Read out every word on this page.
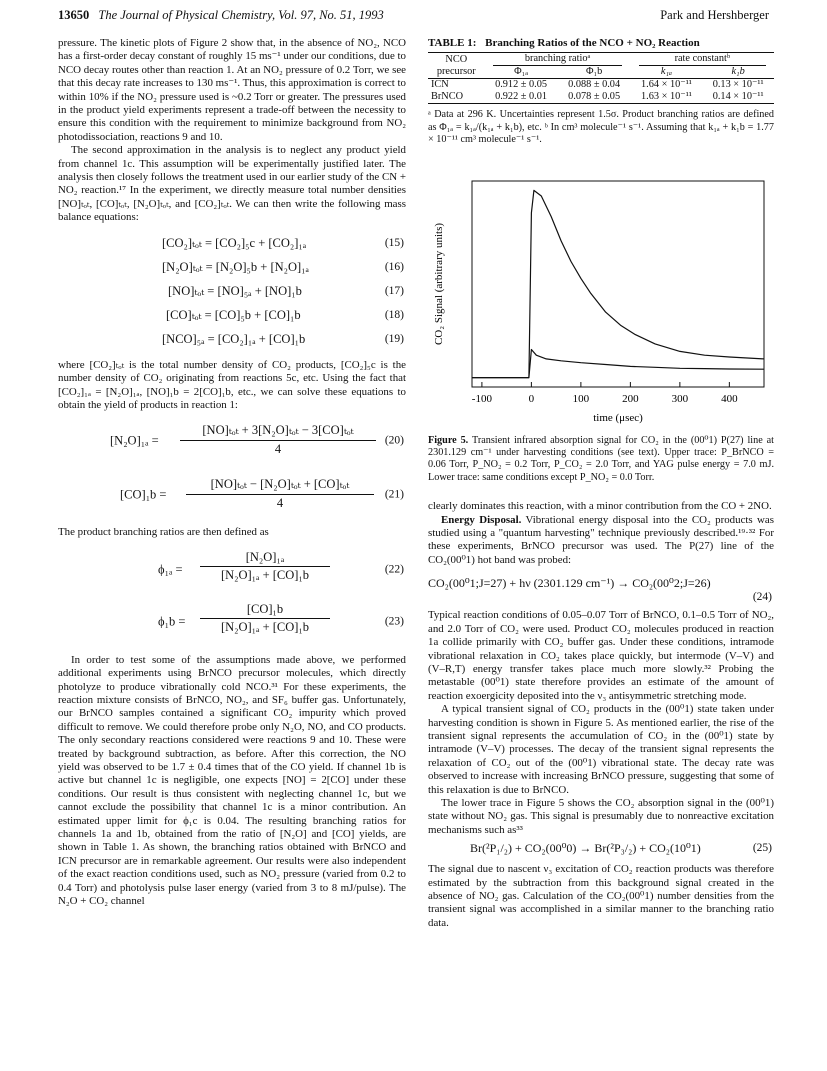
13650 The Journal of Physical Chemistry, Vol. 97, No. 51, 1993	Park and Hershberger

pressure. The kinetic plots of Figure 2 show that, in the absence of NO₂, NCO has a first-order decay constant of roughly 15 ms⁻¹ under our conditions, due to NCO decay routes other than reaction 1. At an NO₂ pressure of 0.2 Torr, we see that this decay rate increases to 130 ms⁻¹. Thus, this approximation is correct to within 10% if the NO₂ pressure used is ~0.2 Torr or greater. The pressures used in the product yield experiments represent a trade-off between the necessity to ensure this condition with the requirement to minimize background from NO₂ photodissociation, reactions 9 and 10.

The second approximation in the analysis is to neglect any product yield from channel 1c. This assumption will be experimentally justified later. The analysis then closely follows the treatment used in our earlier study of the CN + NO₂ reaction.¹⁷ In the experiment, we directly measure total number densities [NO]ₜₒₜ, [CO]ₜₒₜ, [N₂O]ₜₒₜ, and [CO₂]ₜₒₜ. We can then write the following mass balance equations:

[CO₂]ₜₒₜ = [CO₂]₅c + [CO₂]₁ₐ	(15)
[N₂O]ₜₒₜ = [N₂O]₅b + [N₂O]₁ₐ	(16)
[NO]ₜₒₜ = [NO]₅ₐ + [NO]₁b	(17)
[CO]ₜₒₜ = [CO]₅b + [CO]₁b	(18)
[NCO]₅ₐ = [CO₂]₁ₐ + [CO]₁b	(19)

where [CO₂]ₜₒₜ is the total number density of CO₂ products, [CO₂]₅c is the number density of CO₂ originating from reactions 5c, etc. Using the fact that [CO₂]₁ₐ = [N₂O]₁ₐ, [NO]₁b = 2[CO]₁b, etc., we can solve these equations to obtain the yield of products in reaction 1:

[N₂O]₁ₐ =
[NO]ₜₒₜ + 3[N₂O]ₜₒₜ − 3[CO]ₜₒₜ
4
(20)
[CO]₁b =
[NO]ₜₒₜ − [N₂O]ₜₒₜ + [CO]ₜₒₜ
4
(21)

The product branching ratios are then defined as

$\phi_{1a} = \frac{\text{[N₂O]₁ₐ}}{\text{[N₂O]₁ₐ + [CO]₁b}}$	(22)
$\phi_1b = \frac{\text{[CO]₁b}}{\text{[N₂O]₁ₐ + [CO]₁b}}$	(23)

In order to test some of the assumptions made above, we performed additional experiments using BrNCO precursor molecules, which directly photolyze to produce vibrationally cold NCO.³¹ For these experiments, the reaction mixture consists of BrNCO, NO₂, and SF₆ buffer gas. Unfortunately, our BrNCO samples contained a significant CO₂ impurity which proved difficult to remove. We could therefore probe only N₂O, NO, and CO products. The only secondary reactions considered were reactions 9 and 10. These were treated by background subtraction, as before. After this correction, the NO yield was observed to be 1.7 ± 0.4 times that of the CO yield. If channel 1b is active but channel 1c is negligible, one expects [NO] = 2[CO] under these conditions. Our result is thus consistent with neglecting channel 1c, but we cannot exclude the possibility that channel 1c is a minor contribution. An estimated upper limit for ϕ₁c is 0.04. The resulting branching ratios for channels 1a and 1b, obtained from the ratio of [N₂O] and [CO] yields, are shown in Table 1. As shown, the branching ratios obtained with BrNCO and ICN precursor are in remarkable agreement. Our results were also independent of the exact reaction conditions used, such as NO₂ pressure (varied from 0.2 to 0.4 Torr) and photolysis pulse laser energy (varied from 3 to 8 mJ/pulse). The N₂O + CO₂ channel

TABLE 1: Branching Ratios of the NCO + NO₂ Reaction
NCO	branching ratioᵃ		rate constantᵇ	
precursor	Φ₁ₐ	Φ₁b	k₁ₐ	k₁b
ICN	0.912 ± 0.05	0.088 ± 0.04	1.64 × 10⁻¹¹	0.13 × 10⁻¹¹
BrNCO	0.922 ± 0.01	0.078 ± 0.05	1.63 × 10⁻¹¹	0.14 × 10⁻¹¹
ᵃ Data at 296 K. Uncertainties represent 1.5σ. Product branching ratios are defined as Φ₁ₐ = k₁ₐ/(k₁ₐ + k₁b), etc. ᵇ In cm³ molecule⁻¹ s⁻¹. Assuming that k₁ₐ + k₁b = 1.77 × 10⁻¹¹ cm³ molecule⁻¹ s⁻¹.
CO₂ Signal (arbitrary units)
time (μsec)
-100	0	100	200	300	400
Figure 5. Transient infrared absorption signal for CO₂ in the (00⁰1) P(27) line at 2301.129 cm⁻¹ under harvesting conditions (see text). Upper trace: P_BrNCO = 0.06 Torr, P_NO₂ = 0.2 Torr, P_CO₂ = 2.0 Torr, and YAG pulse energy = 7.0 mJ. Lower trace: same conditions except P_NO₂ = 0.0 Torr.

clearly dominates this reaction, with a minor contribution from the CO + 2NO.

Energy Disposal. Vibrational energy disposal into the CO₂ products was studied using a "quantum harvesting" technique previously described.¹⁹·³² For these experiments, BrNCO precursor was used. The P(27) line of the CO₂(00⁰1) hot band was probed:

CO₂(00⁰1;J=27) + hν (2301.129 cm⁻¹) → CO₂(00⁰2;J=26)
(24)

Typical reaction conditions of 0.05–0.07 Torr of BrNCO, 0.1–0.5 Torr of NO₂, and 2.0 Torr of CO₂ were used. Product CO₂ molecules produced in reaction 1a collide primarily with CO₂ buffer gas. Under these conditions, intramode vibrational relaxation in CO₂ takes place quickly, but intermode (V–V) and (V–R,T) energy transfer takes place much more slowly.³² Probing the metastable (00⁰1) state therefore provides an estimate of the amount of reaction exoergicity deposited into the ν₃ antisymmetric stretching mode.

A typical transient signal of CO₂ products in the (00⁰1) state taken under harvesting condition is shown in Figure 5. As mentioned earlier, the rise of the transient signal represents the accumulation of CO₂ in the (00⁰1) state by intramode (V–V) processes. The decay of the transient signal represents the relaxation of CO₂ out of the (00⁰1) vibrational state. The decay rate was observed to increase with increasing BrNCO pressure, suggesting that some of this relaxation is due to BrNCO.

The lower trace in Figure 5 shows the CO₂ absorption signal in the (00⁰1) state without NO₂ gas. This signal is presumably due to nonreactive excitation mechanisms such as³³

Br(²P₁/₂) + CO₂(00⁰0) → Br(²P₃/₂) + CO₂(10⁰1)	(25)

The signal due to nascent ν₃ excitation of CO₂ reaction products was therefore estimated by the subtraction from this background signal created in the absence of NO₂ gas. Calculation of the CO₂(00⁰1) number densities from the transient signal was accomplished in a similar manner to the branching ratio data.
